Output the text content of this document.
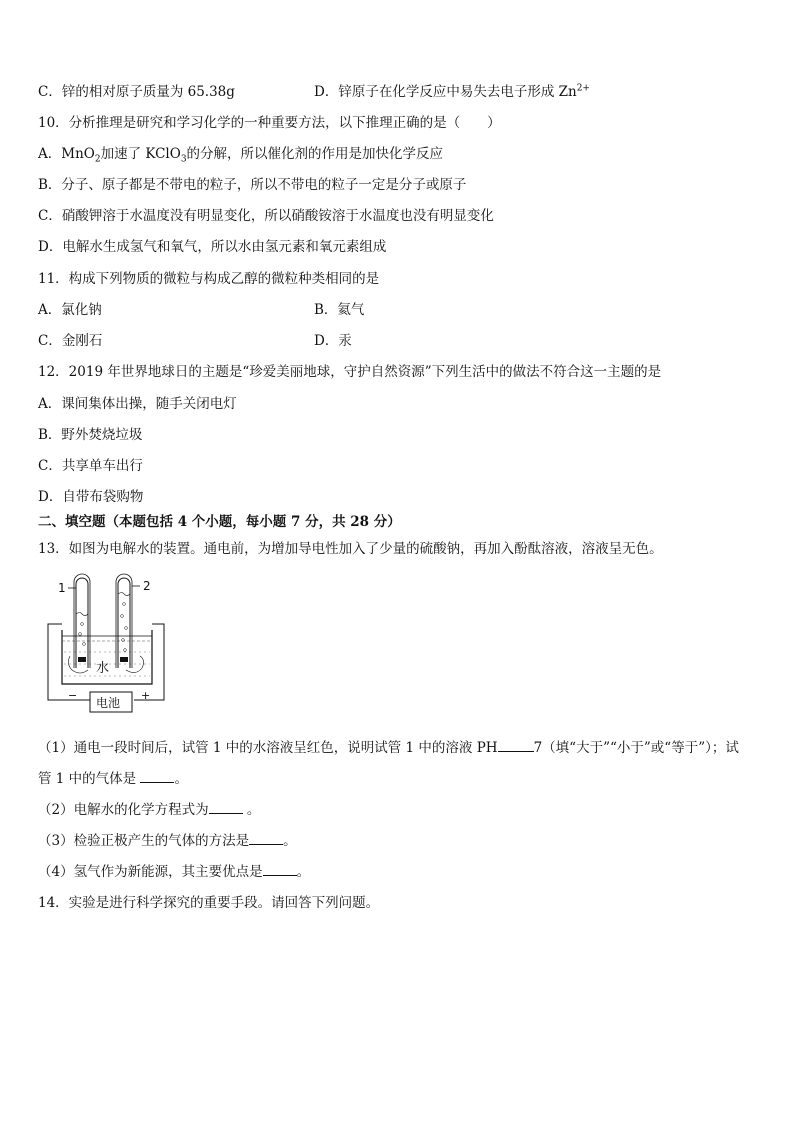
C．锌的相对原子质量为 65.38g	D．锌原子在化学反应中易失去电子形成 $Zn^{2+}$
10．分析推理是研究和学习化学的一种重要方法，以下推理正确的是（　　）
A．MnO$_2$加速了 KClO$_3$的分解，所以催化剂的作用是加快化学反应
B．分子、原子都是不带电的粒子，所以不带电的粒子一定是分子或原子
C．硝酸钾溶于水温度没有明显变化，所以硝酸铵溶于水温度也没有明显变化
D．电解水生成氢气和氧气，所以水由氢元素和氧元素组成
11．构成下列物质的微粒与构成乙醇的微粒种类相同的是
A．氯化钠	B．氦气
C．金刚石	D．汞
12．2019 年世界地球日的主题是“珍爱美丽地球，守护自然资源”下列生活中的做法不符合这一主题的是
A．课间集体出操，随手关闭电灯
B．野外焚烧垃圾
C．共享单车出行
D．自带布袋购物
二、填空题（本题包括 4 个小题，每小题 7 分，共 28 分）
13．如图为电解水的装置。通电前，为增加导电性加入了少量的硫酸钠，再加入酚酞溶液，溶液呈无色。
1	2
水
电池
−	+
（1）通电一段时间后，试管 1 中的水溶液呈红色，说明试管 1 中的溶液 PH	7（填“大于”“小于”或“等于”）；试
管 1 中的气体是	。
（2）电解水的化学方程式为	。
（3）检验正极产生的气体的方法是	。
（4）氢气作为新能源，其主要优点是	。
14．实验是进行科学探究的重要手段。请回答下列问题。
